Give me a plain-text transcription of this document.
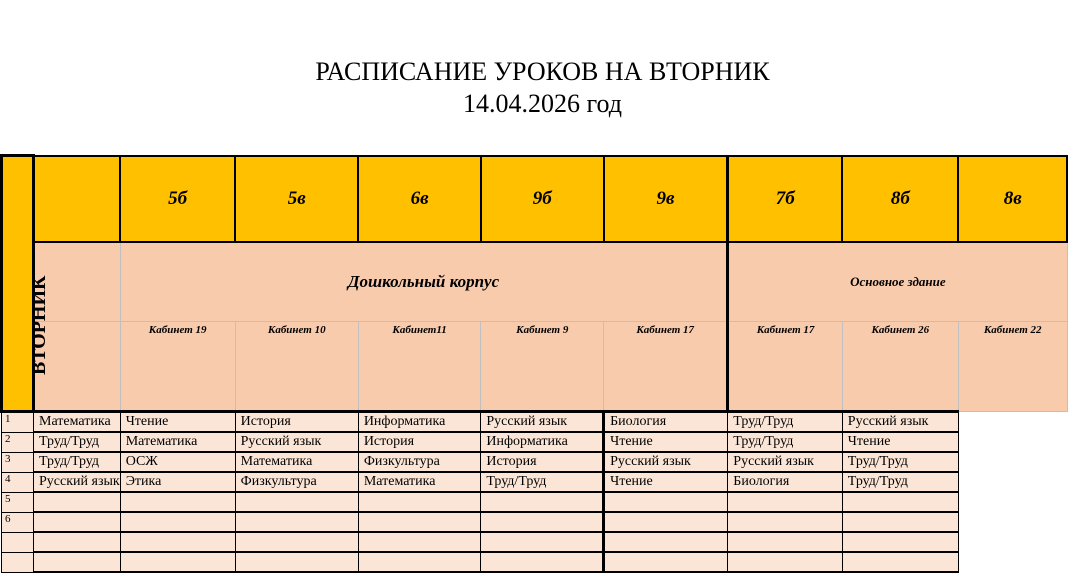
РАСПИСАНИЕ УРОКОВ НА ВТОРНИК
14.04.2026 год
ВТОРНИК		5б	5в	6в	9б	9в	7б	8б	8в
		Дошкольный корпус					Основное здание		
		Кабинет 19	Кабинет 10	Кабинет11	Кабинет 9	Кабинет 17	Кабинет 17	Кабинет 26	Кабинет 22
1	Математика	Чтение	История	Информатика	Русский язык	Биология	Труд/Труд	Русский язык	
2	Труд/Труд	Математика	Русский язык	История	Информатика	Чтение	Труд/Труд	Чтение	
3	Труд/Труд	ОСЖ	Математика	Физкультура	История	Русский язык	Русский язык	Труд/Труд	
4	Русский язык	Этика	Физкультура	Математика	Труд/Труд	Чтение	Биология	Труд/Труд	
5									
6									
